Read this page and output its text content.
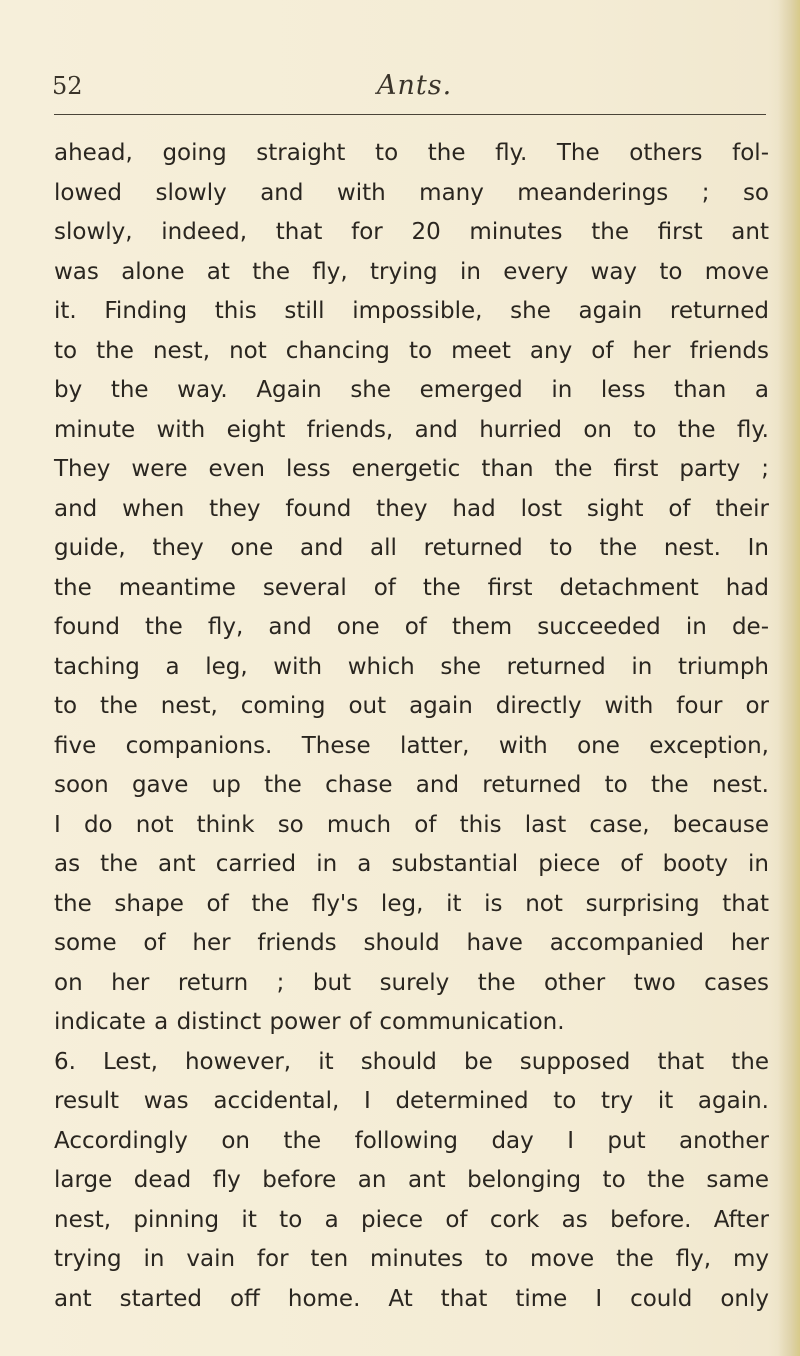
52	Ants.
ahead, going straight to the fly. The others fol-
lowed slowly and with many meanderings ; so
slowly, indeed, that for 20 minutes the first ant
was alone at the fly, trying in every way to move
it. Finding this still impossible, she again returned
to the nest, not chancing to meet any of her friends
by the way. Again she emerged in less than a
minute with eight friends, and hurried on to the fly.
They were even less energetic than the first party ;
and when they found they had lost sight of their
guide, they one and all returned to the nest. In
the meantime several of the first detachment had
found the fly, and one of them succeeded in de-
taching a leg, with which she returned in triumph
to the nest, coming out again directly with four or
five companions. These latter, with one exception,
soon gave up the chase and returned to the nest.
I do not think so much of this last case, because
as the ant carried in a substantial piece of booty in
the shape of the fly's leg, it is not surprising that
some of her friends should have accompanied her
on her return ; but surely the other two cases
indicate a distinct power of communication.
6. Lest, however, it should be supposed that the
result was accidental, I determined to try it again.
Accordingly on the following day I put another
large dead fly before an ant belonging to the same
nest, pinning it to a piece of cork as before. After
trying in vain for ten minutes to move the fly, my
ant started off home. At that time I could only
